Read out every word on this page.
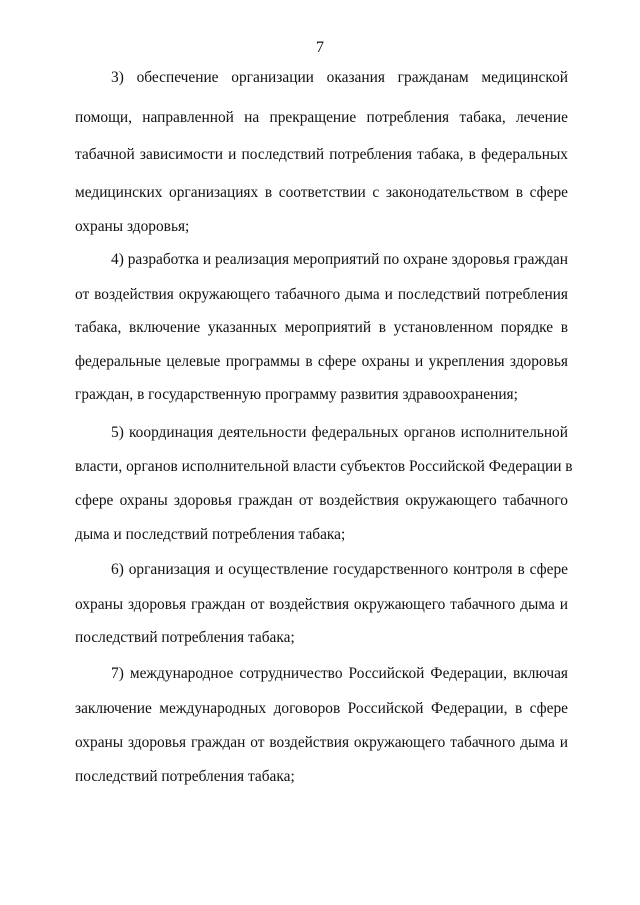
7
3) обеспечение организации оказания гражданам медицинской
помощи, направленной на прекращение потребления табака, лечение
табачной зависимости и последствий потребления табака, в федеральных
медицинских организациях в соответствии с законодательством в сфере
охраны здоровья;
4) разработка и реализация мероприятий по охране здоровья граждан
от воздействия окружающего табачного дыма и последствий потребления
табака, включение указанных мероприятий в установленном порядке в
федеральные целевые программы в сфере охраны и укрепления здоровья
граждан, в государственную программу развития здравоохранения;
5) координация деятельности федеральных органов исполнительной
власти, органов исполнительной власти субъектов Российской Федерации в
сфере охраны здоровья граждан от воздействия окружающего табачного
дыма и последствий потребления табака;
6) организация и осуществление государственного контроля в сфере
охраны здоровья граждан от воздействия окружающего табачного дыма и
последствий потребления табака;
7) международное сотрудничество Российской Федерации, включая
заключение международных договоров Российской Федерации, в сфере
охраны здоровья граждан от воздействия окружающего табачного дыма и
последствий потребления табака;
